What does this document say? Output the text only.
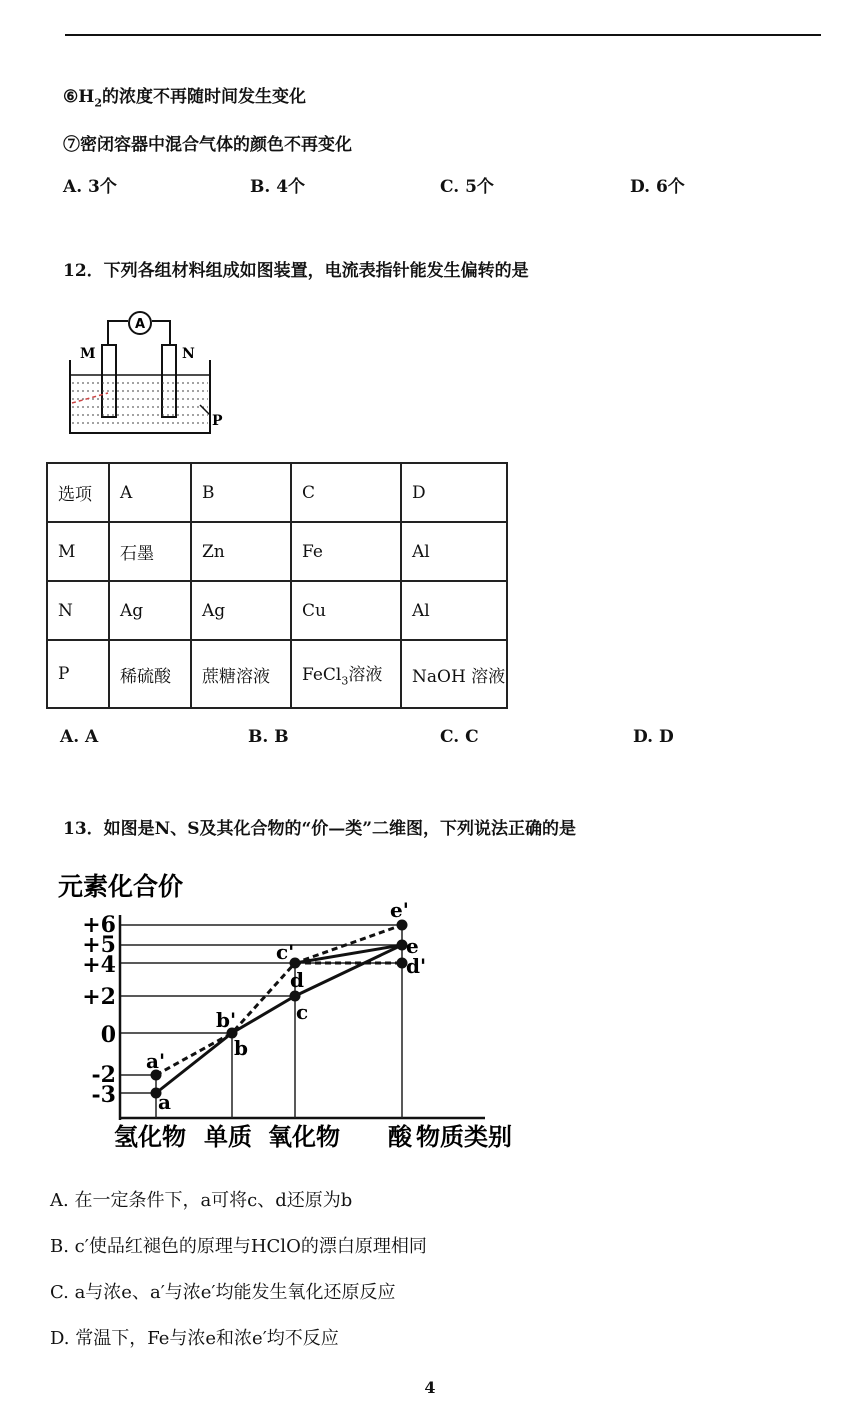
$⑥H_2$的浓度不再随时间发生变化
⑦密闭容器中混合气体的颜色不再变化
A. 3个	B. 4个	C. 5个	D. 6个
12．下列各组材料组成如图装置，电流表指针能发生偏转的是
A
M	N
P
选项	A	B	C	D
M	石墨	Zn	Fe	Al
N	Ag	Ag	Cu	Al
P	稀硫酸	蔗糖溶液	FeCl$_3$溶液	NaOH 溶液
A. A	B. B	C. C	D. D
13．如图是N、S及其化合物的“价—类”二维图，下列说法正确的是
元素化合价
+6
+5
+4
+2
0
-2
-3 a
a'
b
b'	c
c'
d
d'
e
e'
氢化物 单质 氧化物 酸 物质类别
A. 在一定条件下，a可将c、d还原为b
B. c′使品红褪色的原理与HClO的漂白原理相同
C. a与浓e、a′与浓e′均能发生氧化还原反应
D. 常温下，Fe与浓e和浓e′均不反应
4
